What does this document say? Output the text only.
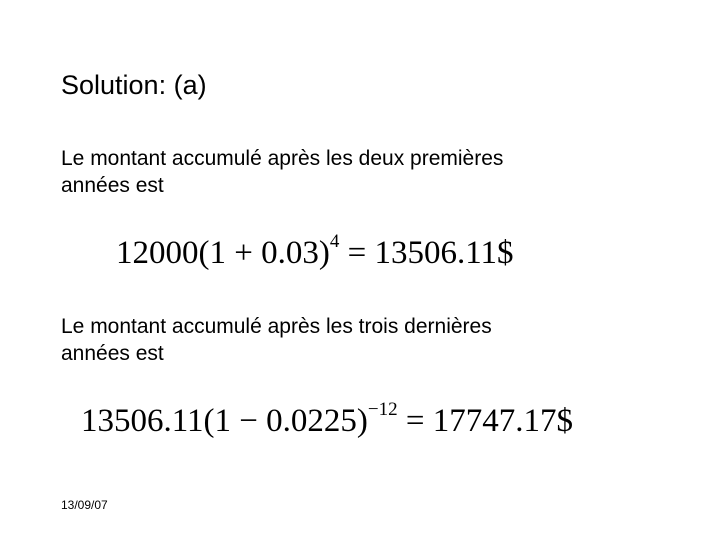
Solution: (a)
Le montant accumulé après les deux premières
années est
$12000(1 + 0.03)^4$ = 13506.11$
Le montant accumulé après les trois dernières
années est
$13506.11(1 - 0.0225)^{-12}$ = 17747.17$
13/09/07
